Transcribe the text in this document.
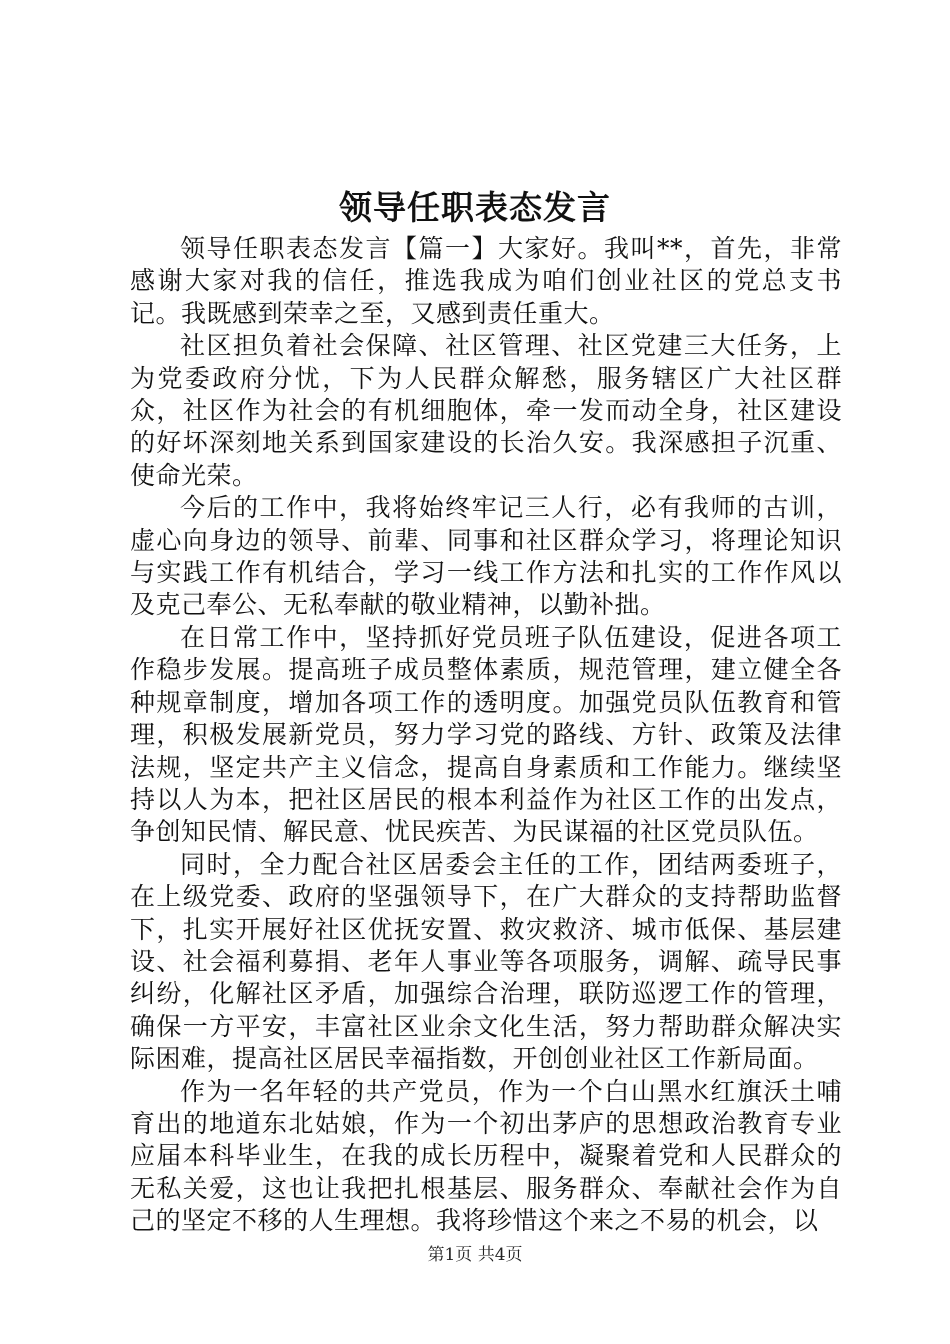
领导任职表态发言

领导任职表态发言【篇一】大家好。我叫**，首先，非常感谢大家对我的信任，推选我成为咱们创业社区的党总支书记。我既感到荣幸之至，又感到责任重大。

社区担负着社会保障、社区管理、社区党建三大任务，上为党委政府分忧，下为人民群众解愁，服务辖区广大社区群众，社区作为社会的有机细胞体，牵一发而动全身，社区建设的好坏深刻地关系到国家建设的长治久安。我深感担子沉重、使命光荣。

今后的工作中，我将始终牢记三人行，必有我师的古训，虚心向身边的领导、前辈、同事和社区群众学习，将理论知识与实践工作有机结合，学习一线工作方法和扎实的工作作风以及克己奉公、无私奉献的敬业精神，以勤补拙。

在日常工作中，坚持抓好党员班子队伍建设，促进各项工作稳步发展。提高班子成员整体素质，规范管理，建立健全各种规章制度，增加各项工作的透明度。加强党员队伍教育和管理，积极发展新党员，努力学习党的路线、方针、政策及法律法规，坚定共产主义信念，提高自身素质和工作能力。继续坚持以人为本，把社区居民的根本利益作为社区工作的出发点，争创知民情、解民意、忧民疾苦、为民谋福的社区党员队伍。

同时，全力配合社区居委会主任的工作，团结两委班子，在上级党委、政府的坚强领导下，在广大群众的支持帮助监督下，扎实开展好社区优抚安置、救灾救济、城市低保、基层建设、社会福利募捐、老年人事业等各项服务，调解、疏导民事纠纷，化解社区矛盾，加强综合治理，联防巡逻工作的管理，确保一方平安，丰富社区业余文化生活，努力帮助群众解决实际困难，提高社区居民幸福指数，开创创业社区工作新局面。

作为一名年轻的共产党员，作为一个白山黑水红旗沃土哺育出的地道东北姑娘，作为一个初出茅庐的思想政治教育专业应届本科毕业生，在我的成长历程中，凝聚着党和人民群众的无私关爱，这也让我把扎根基层、服务群众、奉献社会作为自己的坚定不移的人生理想。我将珍惜这个来之不易的机会，以

第1页 共4页
